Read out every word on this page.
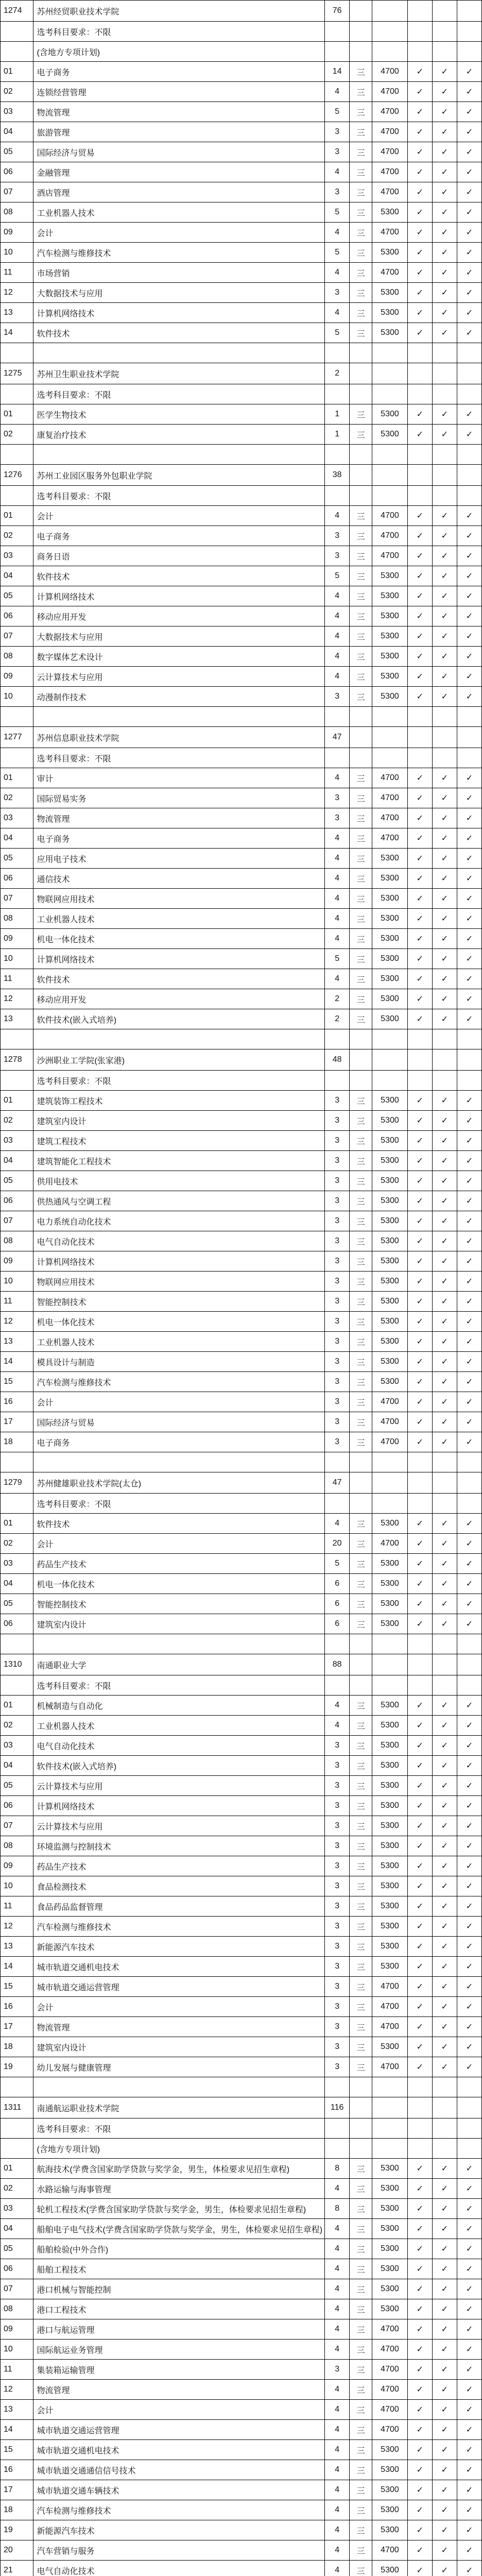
1274	苏州经贸职业技术学院	76					
	选考科目要求：不限						
	(含地方专项计划)						
01	电子商务	14	三	4700	✓	✓	✓
02	连锁经营管理	4	三	4700	✓	✓	✓
03	物流管理	5	三	4700	✓	✓	✓
04	旅游管理	3	三	4700	✓	✓	✓
05	国际经济与贸易	3	三	4700	✓	✓	✓
06	金融管理	4	三	4700	✓	✓	✓
07	酒店管理	3	三	4700	✓	✓	✓
08	工业机器人技术	5	三	5300	✓	✓	✓
09	会计	4	三	4700	✓	✓	✓
10	汽车检测与维修技术	5	三	5300	✓	✓	✓
11	市场营销	4	三	4700	✓	✓	✓
12	大数据技术与应用	3	三	5300	✓	✓	✓
13	计算机网络技术	4	三	5300	✓	✓	✓
14	软件技术	5	三	5300	✓	✓	✓

1275	苏州卫生职业技术学院	2					
	选考科目要求：不限						
01	医学生物技术	1	三	5300	✓	✓	✓
02	康复治疗技术	1	三	5300	✓	✓	✓

1276	苏州工业园区服务外包职业学院	38					
	选考科目要求：不限						
01	会计	4	三	4700	✓	✓	✓
02	电子商务	3	三	4700	✓	✓	✓
03	商务日语	3	三	4700	✓	✓	✓
04	软件技术	5	三	5300	✓	✓	✓
05	计算机网络技术	4	三	5300	✓	✓	✓
06	移动应用开发	4	三	5300	✓	✓	✓
07	大数据技术与应用	4	三	5300	✓	✓	✓
08	数字媒体艺术设计	4	三	5300	✓	✓	✓
09	云计算技术与应用	4	三	5300	✓	✓	✓
10	动漫制作技术	3	三	5300	✓	✓	✓

1277	苏州信息职业技术学院	47					
	选考科目要求：不限						
01	审计	4	三	4700	✓	✓	✓
02	国际贸易实务	3	三	4700	✓	✓	✓
03	物流管理	3	三	4700	✓	✓	✓
04	电子商务	4	三	4700	✓	✓	✓
05	应用电子技术	4	三	5300	✓	✓	✓
06	通信技术	4	三	5300	✓	✓	✓
07	物联网应用技术	4	三	5300	✓	✓	✓
08	工业机器人技术	4	三	5300	✓	✓	✓
09	机电一体化技术	4	三	5300	✓	✓	✓
10	计算机网络技术	5	三	5300	✓	✓	✓
11	软件技术	4	三	5300	✓	✓	✓
12	移动应用开发	2	三	5300	✓	✓	✓
13	软件技术(嵌入式培养)	2	三	5300	✓	✓	✓

1278	沙洲职业工学院(张家港)	48					
	选考科目要求：不限						
01	建筑装饰工程技术	3	三	5300	✓	✓	✓
02	建筑室内设计	3	三	5300	✓	✓	✓
03	建筑工程技术	3	三	5300	✓	✓	✓
04	建筑智能化工程技术	3	三	5300	✓	✓	✓
05	供用电技术	3	三	5300	✓	✓	✓
06	供热通风与空调工程	3	三	5300	✓	✓	✓
07	电力系统自动化技术	3	三	5300	✓	✓	✓
08	电气自动化技术	3	三	5300	✓	✓	✓
09	计算机网络技术	3	三	5300	✓	✓	✓
10	物联网应用技术	3	三	5300	✓	✓	✓
11	智能控制技术	3	三	5300	✓	✓	✓
12	机电一体化技术	3	三	5300	✓	✓	✓
13	工业机器人技术	3	三	5300	✓	✓	✓
14	模具设计与制造	3	三	5300	✓	✓	✓
15	汽车检测与维修技术	3	三	5300	✓	✓	✓
16	会计	3	三	4700	✓	✓	✓
17	国际经济与贸易	3	三	4700	✓	✓	✓
18	电子商务	3	三	4700	✓	✓	✓

1279	苏州健雄职业技术学院(太仓)	47					
	选考科目要求：不限						
01	软件技术	4	三	5300	✓	✓	✓
02	会计	20	三	4700	✓	✓	✓
03	药品生产技术	5	三	5300	✓	✓	✓
04	机电一体化技术	6	三	5300	✓	✓	✓
05	智能控制技术	6	三	5300	✓	✓	✓
06	建筑室内设计	6	三	5300	✓	✓	✓

1310	南通职业大学	88					
	选考科目要求：不限						
01	机械制造与自动化	4	三	5300	✓	✓	✓
02	工业机器人技术	4	三	5300	✓	✓	✓
03	电气自动化技术	3	三	5300	✓	✓	✓
04	软件技术(嵌入式培养)	3	三	5300	✓	✓	✓
05	云计算技术与应用	3	三	5300	✓	✓	✓
06	计算机网络技术	3	三	5300	✓	✓	✓
07	云计算技术与应用	3	三	5300	✓	✓	✓
08	环境监测与控制技术	3	三	5300	✓	✓	✓
09	药品生产技术	3	三	5300	✓	✓	✓
10	食品检测技术	3	三	5300	✓	✓	✓
11	食品药品监督管理	3	三	5300	✓	✓	✓
12	汽车检测与维修技术	3	三	5300	✓	✓	✓
13	新能源汽车技术	3	三	5300	✓	✓	✓
14	城市轨道交通机电技术	3	三	5300	✓	✓	✓
15	城市轨道交通运营管理	3	三	4700	✓	✓	✓
16	会计	3	三	4700	✓	✓	✓
17	物流管理	3	三	4700	✓	✓	✓
18	建筑室内设计	3	三	5300	✓	✓	✓
19	幼儿发展与健康管理	3	三	4700	✓	✓	✓

1311	南通航运职业技术学院	116					
	选考科目要求：不限						
	(含地方专项计划)						
01	航海技术(学费含国家助学贷款与奖学金，男生，体检要求见招生章程)	8	三	5300	✓	✓	✓
02	水路运输与海事管理	4	三	5300	✓	✓	✓
03	轮机工程技术(学费含国家助学贷款与奖学金，男生，体检要求见招生章程)	8	三	5300	✓	✓	✓
04	船舶电子电气技术(学费含国家助学贷款与奖学金，男生，体检要求见招生章程)	4	三	5300	✓	✓	✓
05	船舶检验(中外合作)	4	三	5300	✓	✓	✓
06	船舶工程技术	4	三	5300	✓	✓	✓
07	港口机械与智能控制	4	三	5300	✓	✓	✓
08	港口工程技术	4	三	5300	✓	✓	✓
09	港口与航运管理	4	三	4700	✓	✓	✓
10	国际航运业务管理	4	三	4700	✓	✓	✓
11	集装箱运输管理	3	三	4700	✓	✓	✓
12	物流管理	4	三	4700	✓	✓	✓
13	会计	4	三	4700	✓	✓	✓
14	城市轨道交通运营管理	4	三	4700	✓	✓	✓
15	城市轨道交通机电技术	4	三	5300	✓	✓	✓
16	城市轨道交通通信信号技术	4	三	5300	✓	✓	✓
17	城市轨道交通车辆技术	4	三	5300	✓	✓	✓
18	汽车检测与维修技术	4	三	5300	✓	✓	✓
19	新能源汽车技术	4	三	5300	✓	✓	✓
20	汽车营销与服务	4	三	4700	✓	✓	✓
21	电气自动化技术	4	三	5300	✓	✓	✓
